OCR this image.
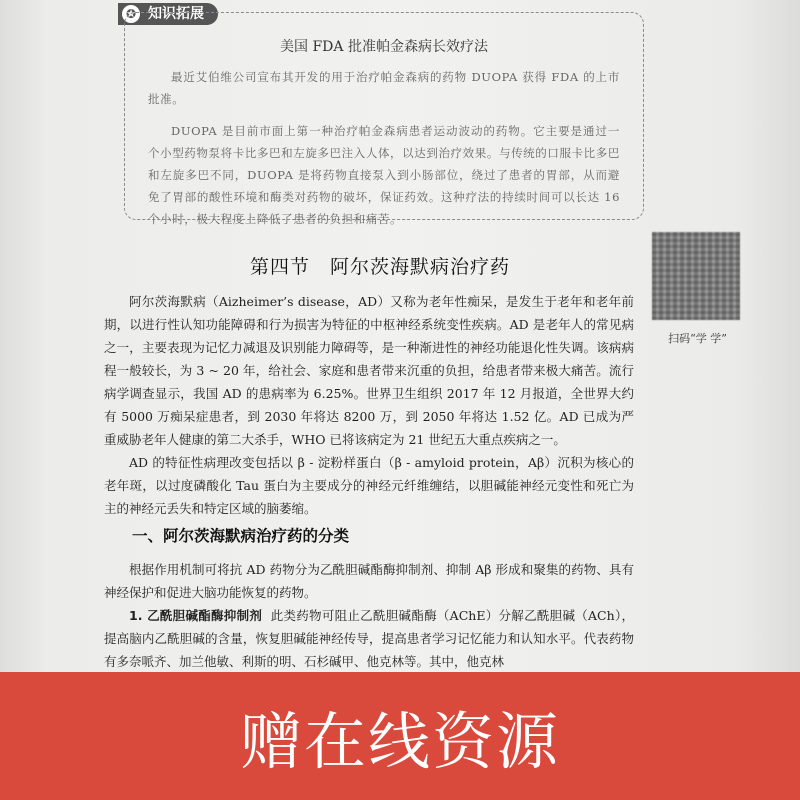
✪ 知识拓展
美国 FDA 批准帕金森病长效疗法

最近艾伯维公司宣布其开发的用于治疗帕金森病的药物 DUOPA 获得 FDA 的上市批准。

DUOPA 是目前市面上第一种治疗帕金森病患者运动波动的药物。它主要是通过一个小型药物泵将卡比多巴和左旋多巴注入人体，以达到治疗效果。与传统的口服卡比多巴和左旋多巴不同，DUOPA 是将药物直接泵入到小肠部位，绕过了患者的胃部，从而避免了胃部的酸性环境和酶类对药物的破坏，保证药效。这种疗法的持续时间可以长达 16 个小时，极大程度上降低了患者的负担和痛苦。

第四节 阿尔茨海默病治疗药
扫码“学 学”

阿尔茨海默病（Aizheimer’s disease，AD）又称为老年性痴呆，是发生于老年和老年前期，以进行性认知功能障碍和行为损害为特征的中枢神经系统变性疾病。AD 是老年人的常见病之一，主要表现为记忆力减退及识别能力障碍等，是一种渐进性的神经功能退化性失调。该病病程一般较长，为 3 ~ 20 年，给社会、家庭和患者带来沉重的负担，给患者带来极大痛苦。流行病学调查显示，我国 AD 的患病率为 6.25%。世界卫生组织 2017 年 12 月报道，全世界大约有 5000 万痴呆症患者，到 2030 年将达 8200 万，到 2050 年将达 1.52 亿。AD 已成为严重威胁老年人健康的第二大杀手，WHO 已将该病定为 21 世纪五大重点疾病之一。

AD 的特征性病理改变包括以 β - 淀粉样蛋白（β - amyloid protein，Aβ）沉积为核心的老年斑，以过度磷酸化 Tau 蛋白为主要成分的神经元纤维缠结，以胆碱能神经元变性和死亡为主的神经元丢失和特定区域的脑萎缩。

一、阿尔茨海默病治疗药的分类

根据作用机制可将抗 AD 药物分为乙酰胆碱酯酶抑制剂、抑制 Aβ 形成和聚集的药物、具有神经保护和促进大脑功能恢复的药物。

1. 乙酰胆碱酯酶抑制剂 此类药物可阻止乙酰胆碱酯酶（AChE）分解乙酰胆碱（ACh），提高脑内乙酰胆碱的含量，恢复胆碱能神经传导，提高患者学习记忆能力和认知水平。代表药物有多奈哌齐、加兰他敏、利斯的明、石杉碱甲、他克林等。其中，他克林

赠在线资源
